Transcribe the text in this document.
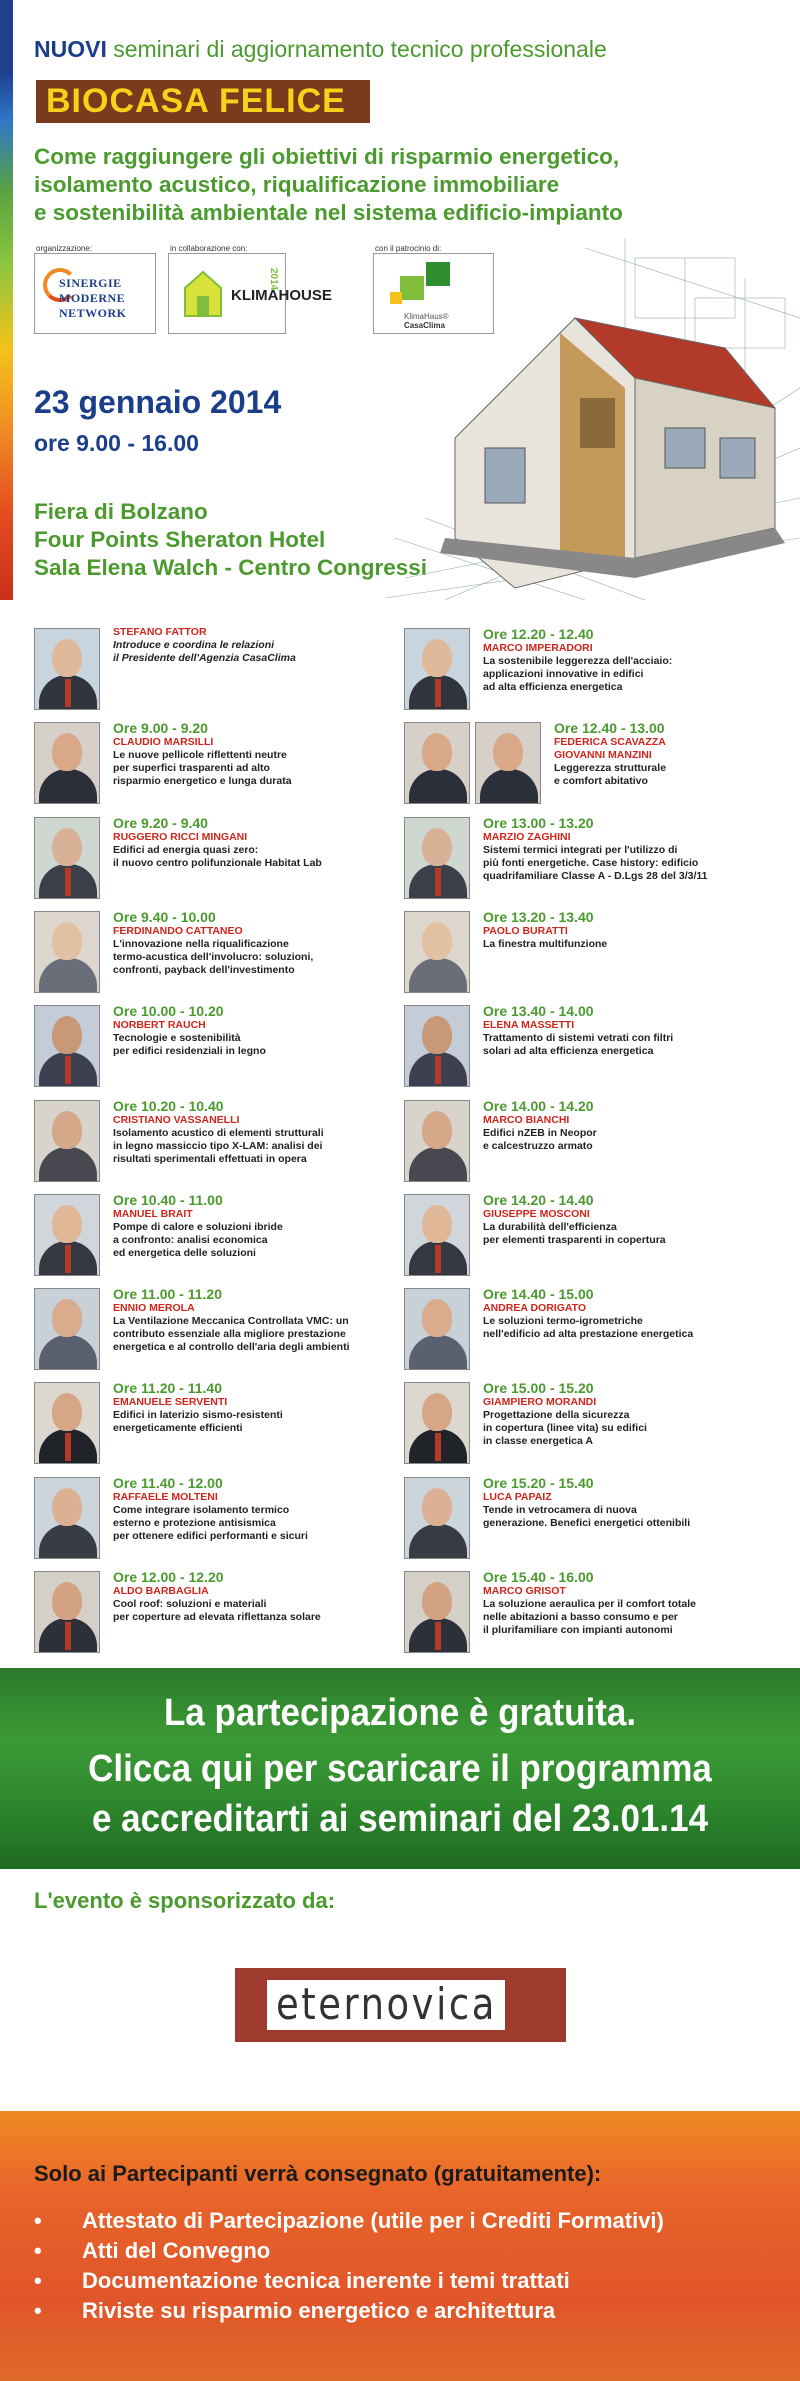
NUOVI seminari di aggiornamento tecnico professionale
BIOCASA FELICE
Come raggiungere gli obiettivi di risparmio energetico,
isolamento acustico, riqualificazione immobiliare
e sostenibilità ambientale nel sistema edificio-impianto
organizzazione:
SINERGIE
MODERNE
NETWORK
in collaborazione con:
KLIMAHOUSE
2014
con il patrocinio di:
KlimaHaus®
CasaClima
23 gennaio 2014
ore 9.00 - 16.00
Fiera di Bolzano
Four Points Sheraton Hotel
Sala Elena Walch - Centro Congressi
La partecipazione è gratuita.
Clicca qui per scaricare il programma
e accreditarti ai seminari del 23.01.14
L'evento è sponsorizzato da:
eternovica
Solo ai Partecipanti verrà consegnato (gratuitamente):
• Attestato di Partecipazione (utile per i Crediti Formativi)
• Atti del Convegno
• Documentazione tecnica inerente i temi trattati
• Riviste su risparmio energetico e architettura
STEFANO FATTOR
Introduce e coordina le relazioni
il Presidente dell'Agenzia CasaClima
Ore 9.00 - 9.20
CLAUDIO MARSILLI
Le nuove pellicole riflettenti neutre
per superfici trasparenti ad alto
risparmio energetico e lunga durata
Ore 9.20 - 9.40
RUGGERO RICCI MINGANI
Edifici ad energia quasi zero:
il nuovo centro polifunzionale Habitat Lab
Ore 9.40 - 10.00
FERDINANDO CATTANEO
L'innovazione nella riqualificazione
termo-acustica dell'involucro: soluzioni,
confronti, payback dell'investimento
Ore 10.00 - 10.20
NORBERT RAUCH
Tecnologie e sostenibilità
per edifici residenziali in legno
Ore 10.20 - 10.40
CRISTIANO VASSANELLI
Isolamento acustico di elementi strutturali
in legno massiccio tipo X-LAM: analisi dei
risultati sperimentali effettuati in opera
Ore 10.40 - 11.00
MANUEL BRAIT
Pompe di calore e soluzioni ibride
a confronto: analisi economica
ed energetica delle soluzioni
Ore 11.00 - 11.20
ENNIO MEROLA
La Ventilazione Meccanica Controllata VMC: un
contributo essenziale alla migliore prestazione
energetica e al controllo dell'aria degli ambienti
Ore 11.20 - 11.40
EMANUELE SERVENTI
Edifici in laterizio sismo-resistenti
energeticamente efficienti
Ore 11.40 - 12.00
RAFFAELE MOLTENI
Come integrare isolamento termico
esterno e protezione antisismica
per ottenere edifici performanti e sicuri
Ore 12.00 - 12.20
ALDO BARBAGLIA
Cool roof: soluzioni e materiali
per coperture ad elevata riflettanza solare
Ore 12.20 - 12.40
MARCO IMPERADORI
La sostenibile leggerezza dell'acciaio:
applicazioni innovative in edifici
ad alta efficienza energetica
Ore 12.40 - 13.00
FEDERICA SCAVAZZA
GIOVANNI MANZINI
Leggerezza strutturale
e comfort abitativo
Ore 13.00 - 13.20
MARZIO ZAGHINI
Sistemi termici integrati per l'utilizzo di
più fonti energetiche. Case history: edificio
quadrifamiliare Classe A - D.Lgs 28 del 3/3/11
Ore 13.20 - 13.40
PAOLO BURATTI
La finestra multifunzione
Ore 13.40 - 14.00
ELENA MASSETTI
Trattamento di sistemi vetrati con filtri
solari ad alta efficienza energetica
Ore 14.00 - 14.20
MARCO BIANCHI
Edifici nZEB in Neopor
e calcestruzzo armato
Ore 14.20 - 14.40
GIUSEPPE MOSCONI
La durabilità dell'efficienza
per elementi trasparenti in copertura
Ore 14.40 - 15.00
ANDREA DORIGATO
Le soluzioni termo-igrometriche
nell'edificio ad alta prestazione energetica
Ore 15.00 - 15.20
GIAMPIERO MORANDI
Progettazione della sicurezza
in copertura (linee vita) su edifici
in classe energetica A
Ore 15.20 - 15.40
LUCA PAPAIZ
Tende in vetrocamera di nuova
generazione. Benefici energetici ottenibili
Ore 15.40 - 16.00
MARCO GRISOT
La soluzione aeraulica per il comfort totale
nelle abitazioni a basso consumo e per
il plurifamiliare con impianti autonomi
